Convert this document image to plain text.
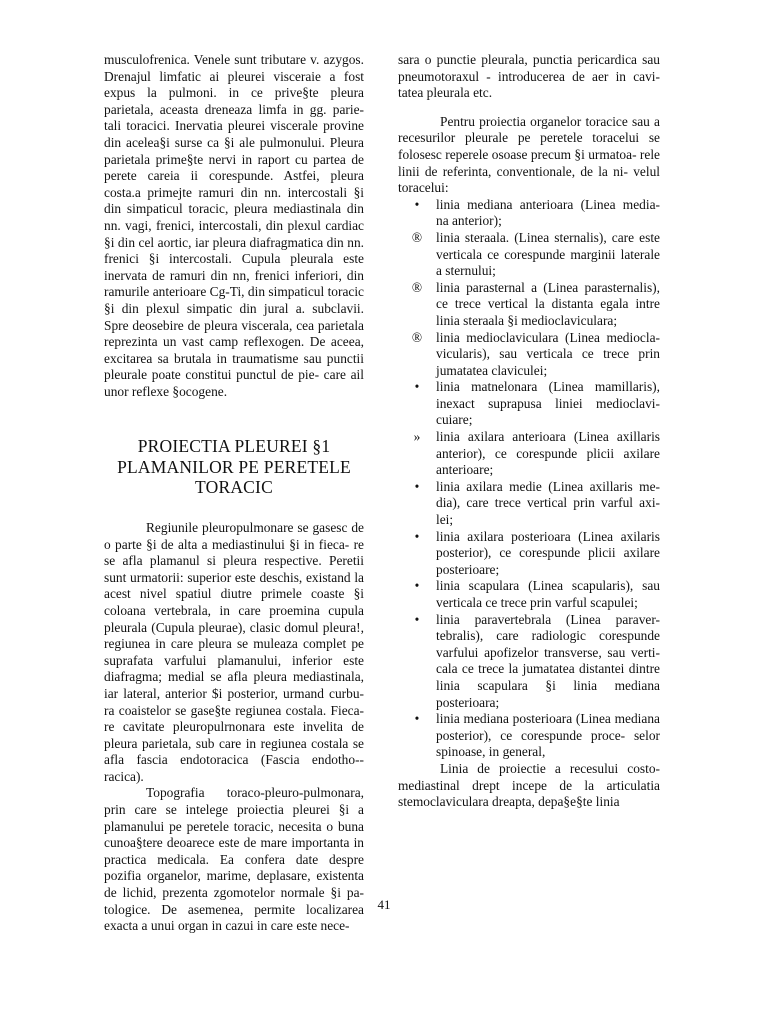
musculofrenica. Venele sunt tributare v. azygos. Drenajul limfatic ai pleurei visceraie a fost expus la pulmoni. in ce prive§te pleura parietala, aceasta dreneaza limfa in gg. parie- tali toracici. Inervatia pleurei viscerale provine din acelea§i surse ca §i ale pulmonului. Pleura parietala prime§te nervi in raport cu partea de perete careia ii corespunde. Astfei, pleura costa.a primejte ramuri din nn. intercostali §i din simpaticul toracic, pleura mediastinala din nn. vagi, frenici, intercostali, din plexul cardiac §i din cel aortic, iar pleura diafragmatica din nn. frenici §i intercostali. Cupula pleurala este inervata de ramuri din nn, frenici inferiori, din ramurile anterioare Cg-Ti, din simpaticul toracic §i din plexul simpatic din jural a. subclavii. Spre deosebire de pleura viscerala, cea parietala reprezinta un vast camp reflexogen. De aceea, excitarea sa brutala in traumatisme sau punctii pleurale poate constitui punctul de pie- care ail unor reflexe §ocogene.

PROIECTIA PLEUREI §1
PLAMANILOR PE PERETELE
TORACIC

Regiunile pleuropulmonare se gasesc de o parte §i de alta a mediastinului §i in fieca- re se afla plamanul si pleura respective. Peretii sunt urmatorii: superior este deschis, existand la acest nivel spatiul diutre primele coaste §i coloana vertebrala, in care proemina cupula pleurala (Cupula pleurae), clasic domul pleura!, regiunea in care pleura se muleaza complet pe suprafata varfului plamanului, inferior este diafragma; medial se afla pleura mediastinala, iar lateral, anterior $i posterior, urmand curbu- ra coaistelor se gase§te regiunea costala. Fieca- re cavitate pleuropulrnonara este invelita de pleura parietala, sub care in regiunea costala se afla fascia endotoracica (Fascia endotho-- racica).

Topografia toraco-pleuro-pulmonara, prin care se intelege proiectia pleurei §i a plamanului pe peretele toracic, necesita o buna cunoa§tere deoarece este de mare importanta in practica medicala. Ea confera date despre pozifia organelor, marime, deplasare, existenta de lichid, prezenta zgomotelor normale §i pa- tologice. De asemenea, permite localizarea exacta a unui organ in cazui in care este nece-

sara o punctie pleurala, punctia pericardica sau pneumotoraxul - introducerea de aer in cavi- tatea pleurala etc.

Pentru proiectia organelor toracice sau a recesurilor pleurale pe peretele toracelui se folosesc reperele osoase precum §i urmatoa- rele linii de referinta, conventionale, de la ni- velul toracelui:

•	linia mediana anterioara (Linea media- na anterior);
®	linia steraala. (Linea sternalis), care este verticala ce corespunde marginii laterale a sternului;
®	linia parasternal a (Linea parasternalis), ce trece vertical la distanta egala intre linia steraala §i medioclaviculara;
®	linia medioclaviculara (Linea mediocla- vicularis), sau verticala ce trece prin jumatatea claviculei;
•	linia matnelonara (Linea mamillaris), inexact suprapusa liniei medioclavi- cuiare;
»	linia axilara anterioara (Linea axillaris anterior), ce corespunde plicii axilare anterioare;
•	linia axilara medie (Linea axillaris me- dia), care trece vertical prin varful axi- lei;
•	linia axilara posterioara (Linea axilaris posterior), ce corespunde plicii axilare posterioare;
•	linia scapulara (Linea scapularis), sau verticala ce trece prin varful scapulei;
•	linia paravertebrala (Linea paraver- tebralis), care radiologic corespunde varfului apofizelor transverse, sau verti- cala ce trece la jumatatea distantei dintre linia scapulara §i linia mediana posterioara;
•	linia mediana posterioara (Linea mediana posterior), ce corespunde proce- selor spinoase, in general,

Linia de proiectie a recesului costo- mediastinal drept incepe de la articulatia stemoclaviculara dreapta, depa§e§te linia

41
